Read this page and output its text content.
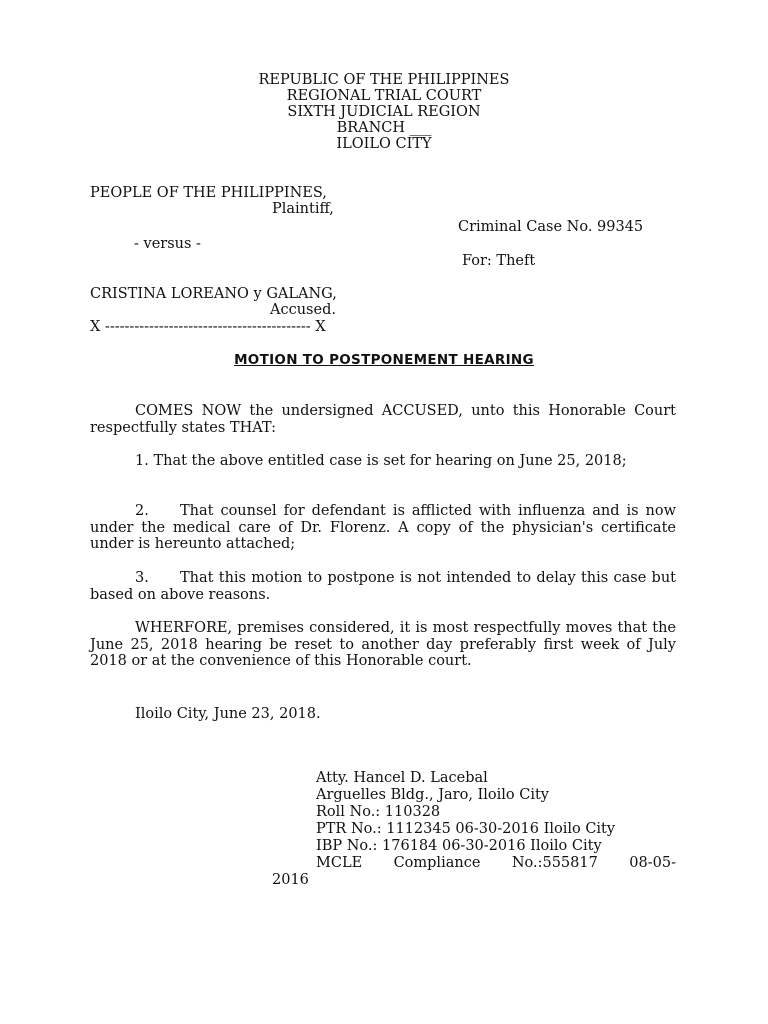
REPUBLIC OF THE PHILIPPINES
REGIONAL TRIAL COURT
SIXTH JUDICIAL REGION
BRANCH ___
ILOILO CITY
PEOPLE OF THE PHILIPPINES,
Plaintiff,
Criminal Case No. 99345
- versus -
For: Theft
CRISTINA LOREANO y GALANG,
Accused.
X ------------------------------------------ X
MOTION TO POSTPONEMENT HEARING
COMES NOW the undersigned ACCUSED, unto this Honorable Court respectfully states THAT:
1. That the above entitled case is set for hearing on June 25, 2018;
2. That counsel for defendant is afflicted with influenza and is now under the medical care of Dr. Florenz. A copy of the physician's certificate under is hereunto attached;
3. That this motion to postpone is not intended to delay this case but based on above reasons.
WHERFORE, premises considered, it is most respectfully moves that the June 25, 2018 hearing be reset to another day preferably first week of July 2018 or at the convenience of this Honorable court.
Iloilo City, June 23, 2018.
Atty. Hancel D. Lacebal
Arguelles Bldg., Jaro, Iloilo City
Roll No.: 110328
PTR No.: 1112345 06-30-2016 Iloilo City
IBP No.: 176184 06-30-2016 Iloilo City
MCLE Compliance No.:555817 08-05-
2016
